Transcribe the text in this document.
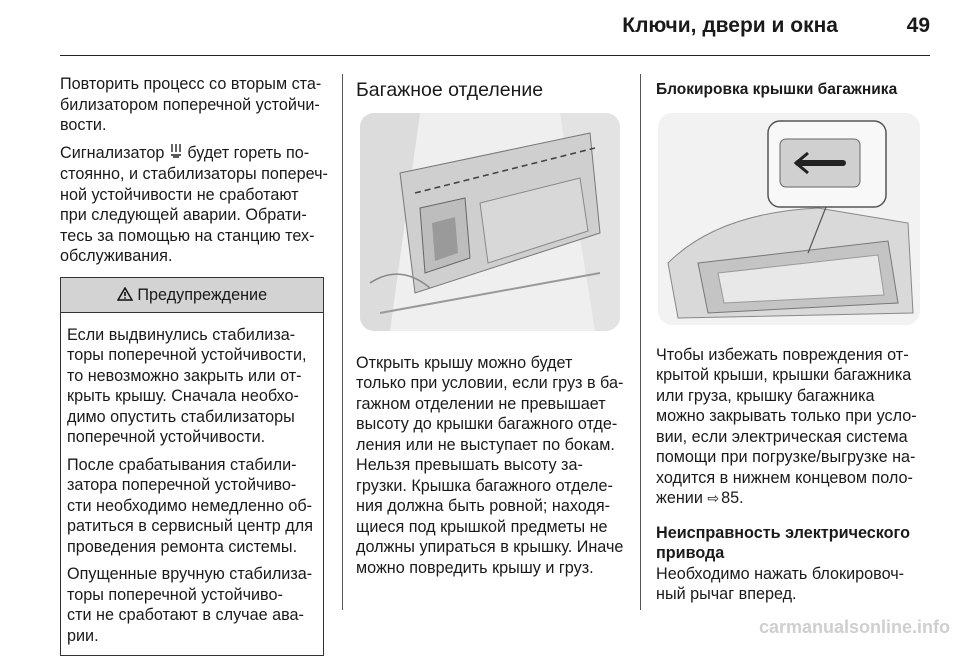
Ключи, двери и окна	49

Повторить процесс со вторым ста-
билизатором поперечной устойчи-
вости.

Сигнализатор  будет гореть по-
стоянно, и стабилизаторы попереч-
ной устойчивости не сработают
при следующей аварии. Обрати-
тесь за помощью на станцию тех-
обслуживания.

Предупреждение

Если выдвинулись стабилиза-
торы поперечной устойчивости,
то невозможно закрыть или от-
крыть крышу. Сначала необхо-
димо опустить стабилизаторы
поперечной устойчивости.

После срабатывания стабили-
затора поперечной устойчиво-
сти необходимо немедленно об-
ратиться в сервисный центр для
проведения ремонта системы.

Опущенные вручную стабилиза-
торы поперечной устойчиво-
сти не сработают в случае ава-
рии.

Багажное отделение

Открыть крышу можно будет
только при условии, если груз в ба-
гажном отделении не превышает
высоту до крышки багажного отде-
ления или не выступает по бокам.
Нельзя превышать высоту за-
грузки. Крышка багажного отделе-
ния должна быть ровной; находя-
щиеся под крышкой предметы не
должны упираться в крышку. Иначе
можно повредить крышу и груз.

Блокировка крышки багажника

Чтобы избежать повреждения от-
крытой крыши, крышки багажника
или груза, крышку багажника
можно закрывать только при усло-
вии, если электрическая система
помощи при погрузке/выгрузке на-
ходится в нижнем концевом поло-
жении ⇨ 85.

Неисправность электрического
привода

Необходимо нажать блокировоч-
ный рычаг вперед.

carmanualsonline.info
